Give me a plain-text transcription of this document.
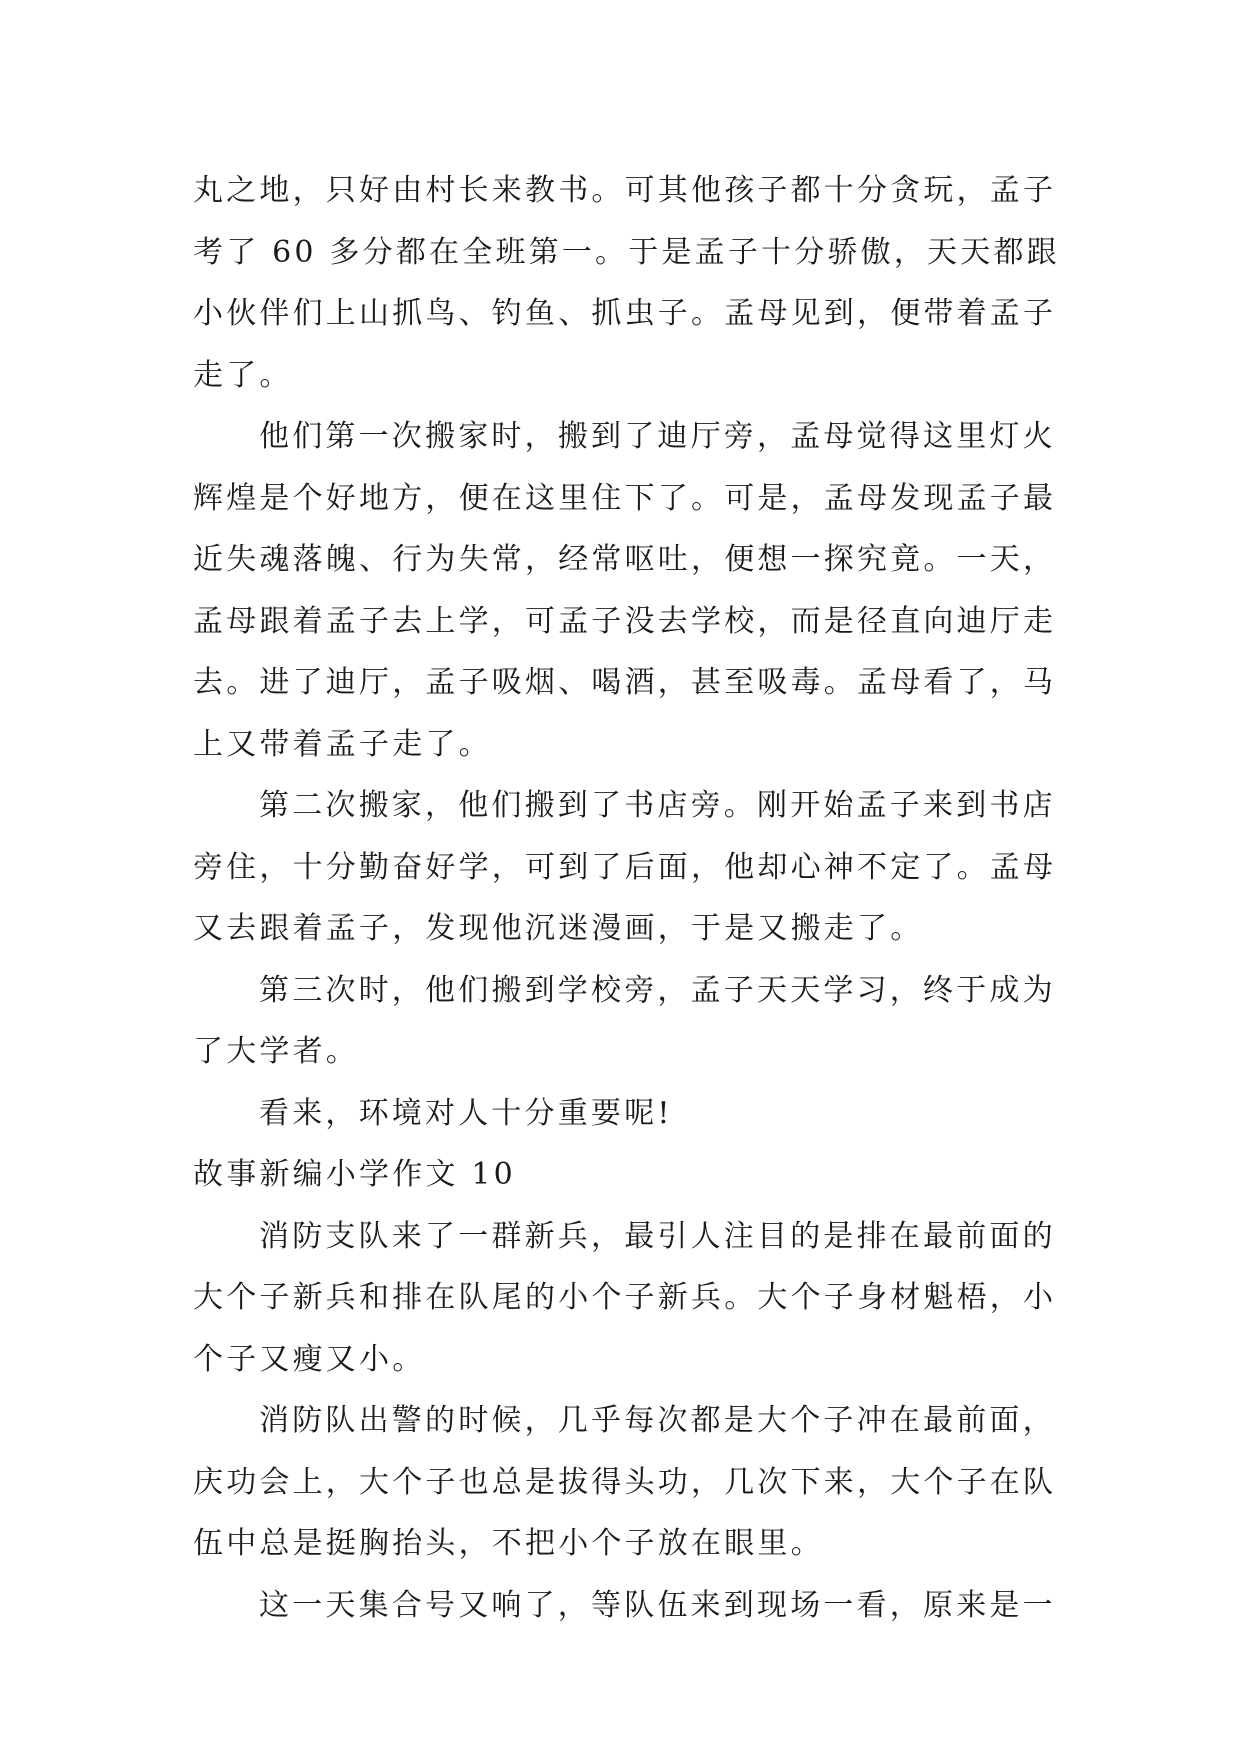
丸之地，只好由村长来教书。可其他孩子都十分贪玩，孟子
考了 60 多分都在全班第一。于是孟子十分骄傲，天天都跟
小伙伴们上山抓鸟、钓鱼、抓虫子。孟母见到，便带着孟子
走了。
他们第一次搬家时，搬到了迪厅旁，孟母觉得这里灯火
辉煌是个好地方，便在这里住下了。可是，孟母发现孟子最
近失魂落魄、行为失常，经常呕吐，便想一探究竟。一天，
孟母跟着孟子去上学，可孟子没去学校，而是径直向迪厅走
去。进了迪厅，孟子吸烟、喝酒，甚至吸毒。孟母看了，马
上又带着孟子走了。
第二次搬家，他们搬到了书店旁。刚开始孟子来到书店
旁住，十分勤奋好学，可到了后面，他却心神不定了。孟母
又去跟着孟子，发现他沉迷漫画，于是又搬走了。
第三次时，他们搬到学校旁，孟子天天学习，终于成为
了大学者。
看来，环境对人十分重要呢!
故事新编小学作文 10
消防支队来了一群新兵，最引人注目的是排在最前面的
大个子新兵和排在队尾的小个子新兵。大个子身材魁梧，小
个子又瘦又小。
消防队出警的时候，几乎每次都是大个子冲在最前面，
庆功会上，大个子也总是拔得头功，几次下来，大个子在队
伍中总是挺胸抬头，不把小个子放在眼里。
这一天集合号又响了，等队伍来到现场一看，原来是一
